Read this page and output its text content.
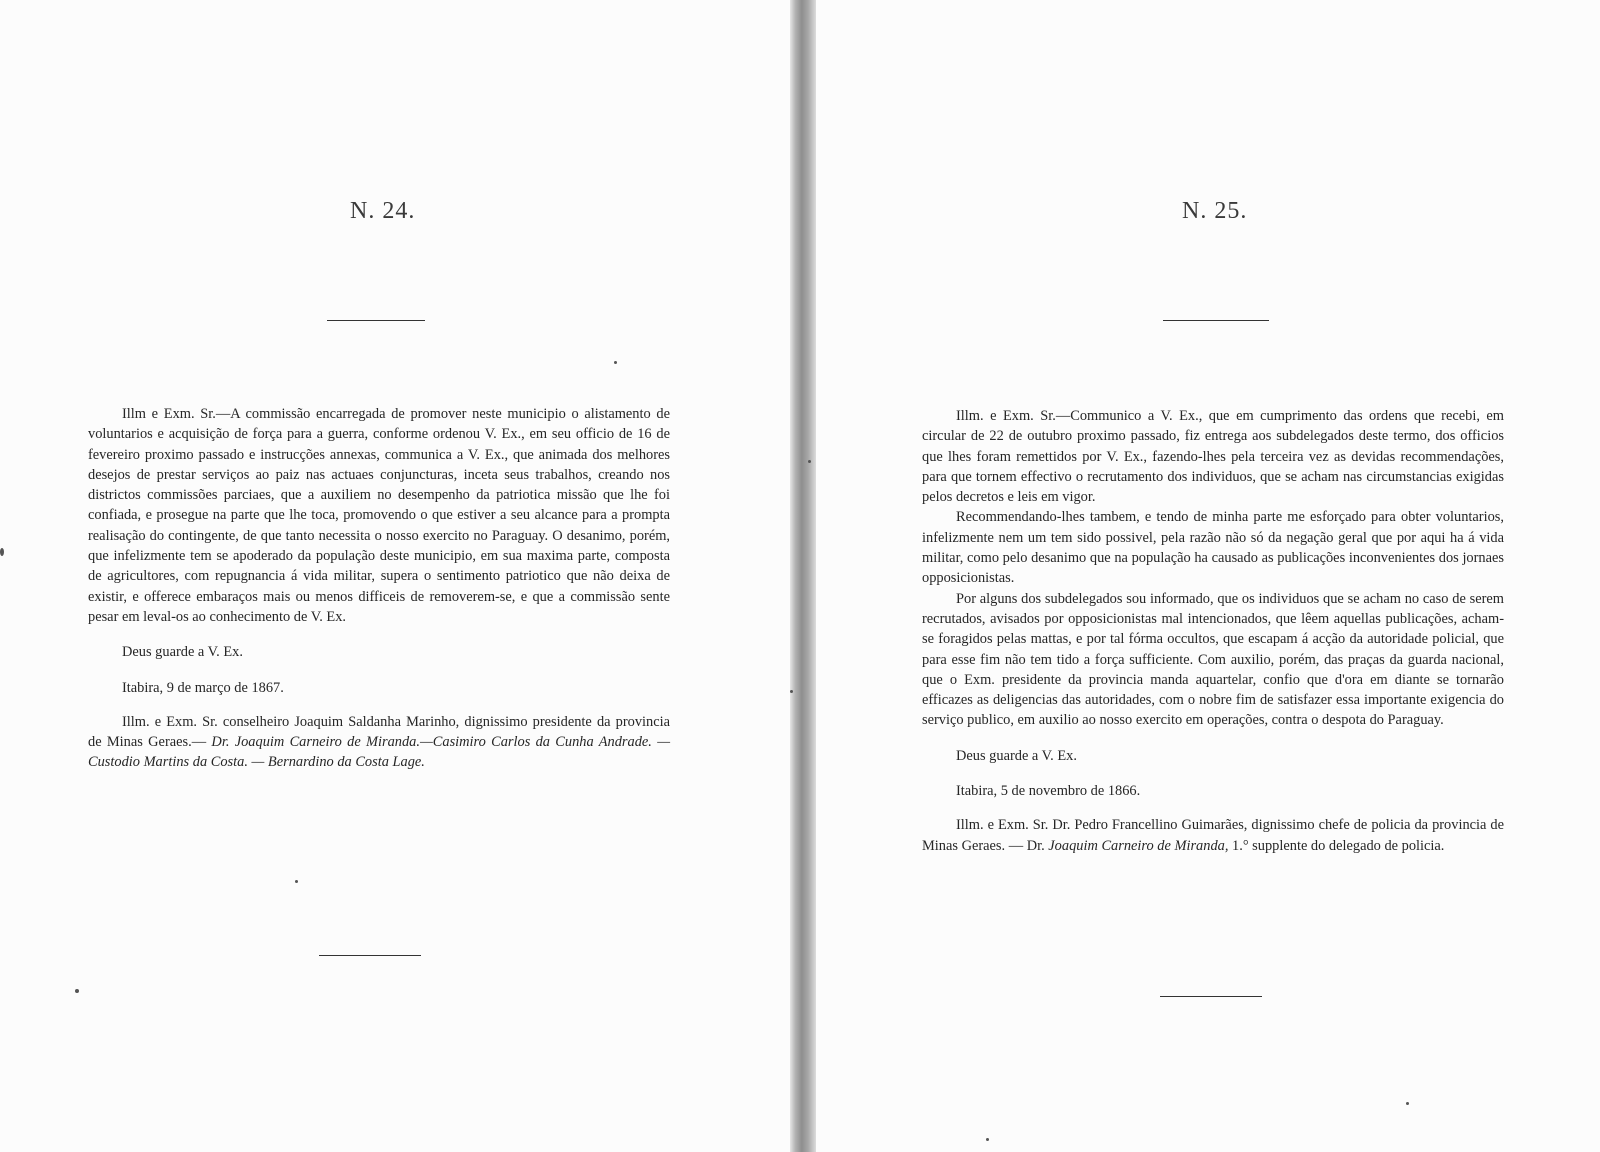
N. 24.

Illm e Exm. Sr.—A commissão encarregada de promover neste municipio o alistamento de voluntarios e acquisição de força para a guerra, conforme ordenou V. Ex., em seu officio de 16 de fevereiro proximo passado e instrucções annexas, communica a V. Ex., que animada dos melhores desejos de prestar serviços ao paiz nas actuaes conjuncturas, inceta seus trabalhos, creando nos districtos commissões parciaes, que a auxiliem no desempenho da patriotica missão que lhe foi confiada, e prosegue na parte que lhe toca, promovendo o que estiver a seu alcance para a prompta realisação do contingente, de que tanto necessita o nosso exercito no Paraguay. O desanimo, porém, que infelizmente tem se apoderado da população deste municipio, em sua maxima parte, composta de agricultores, com repugnancia á vida militar, supera o sentimento patriotico que não deixa de existir, e offerece embaraços mais ou menos difficeis de removerem-se, e que a commissão sente pesar em leval-os ao conhecimento de V. Ex.

Deus guarde a V. Ex.

Itabira, 9 de março de 1867.

Illm. e Exm. Sr. conselheiro Joaquim Saldanha Marinho, dignissimo presidente da provincia de Minas Geraes.— Dr. Joaquim Carneiro de Miranda.—Casimiro Carlos da Cunha Andrade. — Custodio Martins da Costa. — Bernardino da Costa Lage.

N. 25.

Illm. e Exm. Sr.—Communico a V. Ex., que em cumprimento das ordens que recebi, em circular de 22 de outubro proximo passado, fiz entrega aos subdelegados deste termo, dos officios que lhes foram remettidos por V. Ex., fazendo-lhes pela terceira vez as devidas recommendações, para que tornem effectivo o recrutamento dos individuos, que se acham nas circumstancias exigidas pelos decretos e leis em vigor.

Recommendando-lhes tambem, e tendo de minha parte me esforçado para obter voluntarios, infelizmente nem um tem sido possivel, pela razão não só da negação geral que por aqui ha á vida militar, como pelo desanimo que na população ha causado as publicações inconvenientes dos jornaes opposicionistas.

Por alguns dos subdelegados sou informado, que os individuos que se acham no caso de serem recrutados, avisados por opposicionistas mal intencionados, que lêem aquellas publicações, acham-se foragidos pelas mattas, e por tal fórma occultos, que escapam á acção da autoridade policial, que para esse fim não tem tido a força sufficiente. Com auxilio, porém, das praças da guarda nacional, que o Exm. presidente da provincia manda aquartelar, confio que d'ora em diante se tornarão efficazes as deligencias das autoridades, com o nobre fim de satisfazer essa importante exigencia do serviço publico, em auxilio ao nosso exercito em operações, contra o despota do Paraguay.

Deus guarde a V. Ex.

Itabira, 5 de novembro de 1866.

Illm. e Exm. Sr. Dr. Pedro Francellino Guimarães, dignissimo chefe de policia da provincia de Minas Geraes. — Dr. Joaquim Carneiro de Miranda, 1.° supplente do delegado de policia.
